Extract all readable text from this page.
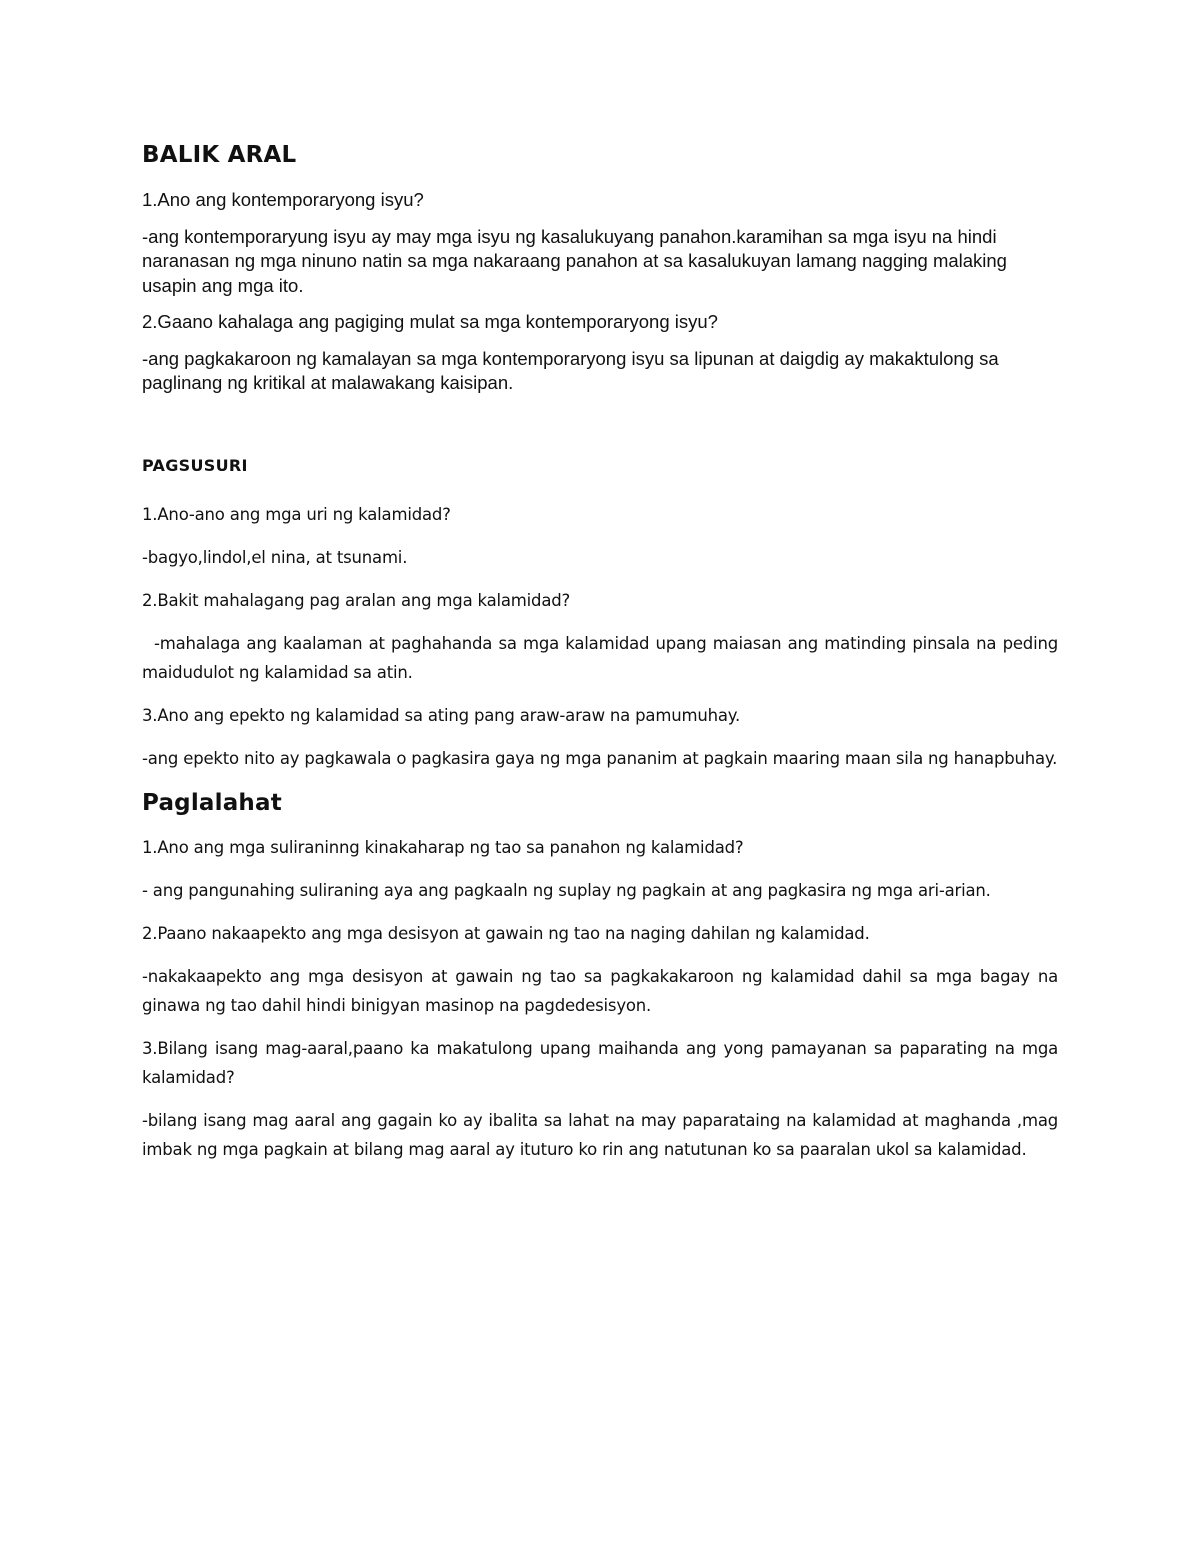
BALIK ARAL

1.Ano ang kontemporaryong isyu?

-ang kontemporaryung isyu ay may mga isyu ng kasalukuyang panahon.karamihan sa mga isyu na hindi naranasan ng mga ninuno natin sa mga nakaraang panahon at sa kasalukuyan lamang nagging malaking usapin ang mga ito.

2.Gaano kahalaga ang pagiging mulat sa mga kontemporaryong isyu?

-ang pagkakaroon ng kamalayan sa mga kontemporaryong isyu sa lipunan at daigdig ay makaktulong sa paglinang ng kritikal at malawakang kaisipan.

PAGSUSURI

1.Ano-ano ang mga uri ng kalamidad?

-bagyo,lindol,el nina, at tsunami.

2.Bakit mahalagang pag aralan ang mga kalamidad?

-mahalaga ang kaalaman at paghahanda sa mga kalamidad upang maiasan ang matinding pinsala na peding maidudulot ng kalamidad sa atin.

3.Ano ang epekto ng kalamidad sa ating pang araw-araw na pamumuhay.

-ang epekto nito ay pagkawala o pagkasira gaya ng mga pananim at pagkain maaring maan sila ng hanapbuhay.

Paglalahat

1.Ano ang mga suliraninng kinakaharap ng tao sa panahon ng kalamidad?

- ang pangunahing suliraning aya ang pagkaaln ng suplay ng pagkain at ang pagkasira ng mga ari-arian.

2.Paano nakaapekto ang mga desisyon at gawain ng tao na naging dahilan ng kalamidad.

-nakakaapekto ang mga desisyon at gawain ng tao sa pagkakakaroon ng kalamidad dahil sa mga bagay na ginawa ng tao dahil hindi binigyan masinop na pagdedesisyon.

3.Bilang isang mag-aaral,paano ka makatulong upang maihanda ang yong pamayanan sa paparating na mga kalamidad?

-bilang isang mag aaral ang gagain ko ay ibalita sa lahat na may paparataing na kalamidad at maghanda ,mag imbak ng mga pagkain at bilang mag aaral ay ituturo ko rin ang natutunan ko sa paaralan ukol sa kalamidad.
